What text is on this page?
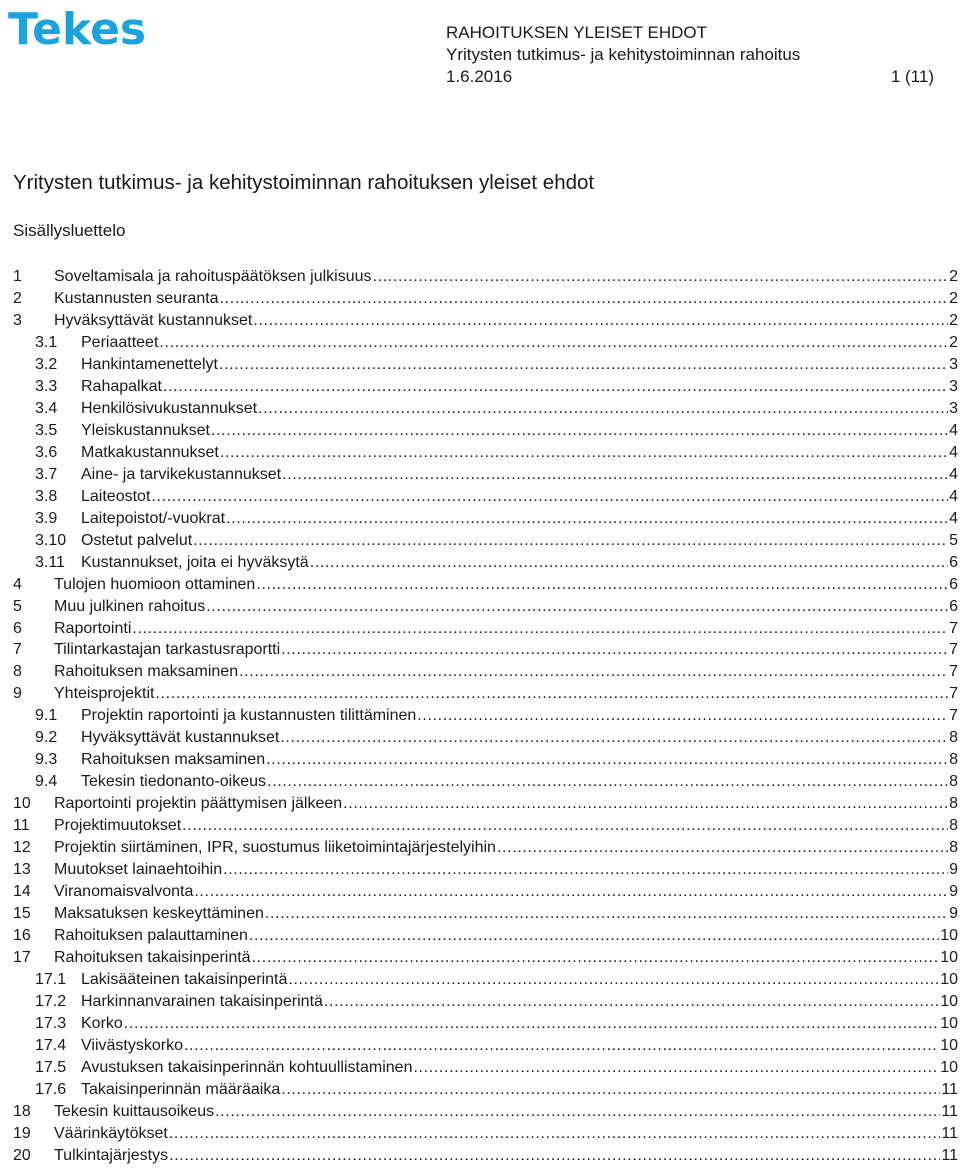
Tekes	RAHOITUKSEN YLEISET EHDOT
Yritysten tutkimus- ja kehitystoiminnan rahoitus
1.6.2016	1 (11)
Yritysten tutkimus- ja kehitystoiminnan rahoituksen yleiset ehdot
Sisällysluettelo
1	Soveltamisala ja rahoituspäätöksen julkisuus . . .	2
2	Kustannusten seuranta . . .	2
3	Hyväksyttävät kustannukset . . .	2
3.1	Periaatteet . . .	2
3.2	Hankintamenettelyt . . .	3
3.3	Rahapalkat . . .	3
3.4	Henkilösivukustannukset . . .	3
3.5	Yleiskustannukset . . .	4
3.6	Matkakustannukset . . .	4
3.7	Aine- ja tarvikekustannukset . . .	4
3.8	Laiteostot . . .	4
3.9	Laitepoistot/-vuokrat . . .	4
3.10 Ostetut palvelut . . .	5
3.11	Kustannukset, joita ei hyväksytä . . .	6
4	Tulojen huomioon ottaminen . . .	6
5	Muu julkinen rahoitus . . .	6
6	Raportointi . . .	7
7	Tilintarkastajan tarkastusraportti . . .	7
8	Rahoituksen maksaminen . . .	7
9	Yhteisprojektit . . .	7
9.1	Projektin raportointi ja kustannusten tilittäminen . . .	7
9.2	Hyväksyttävät kustannukset . . .	8
9.3	Rahoituksen maksaminen . . .	8
9.4	Tekesin tiedonanto-oikeus . . .	8
10	Raportointi projektin päättymisen jälkeen . . .	8
11	Projektimuutokset . . .	8
12	Projektin siirtäminen, IPR, suostumus liiketoimintajärjestelyihin . . .	8
13	Muutokset lainaehtoihin . . .	9
14	Viranomaisvalvonta . . .	9
15	Maksatuksen keskeyttäminen . . .	9
16	Rahoituksen palauttaminen . . .	10
17	Rahoituksen takaisinperintä . . .	10
17.1 Lakisääteinen takaisinperintä . . .	10
17.2 Harkinnanvarainen takaisinperintä . . .	10
17.3 Korko . . .	10
17.4 Viivästyskorko . . .	10
17.5 Avustuksen takaisinperinnän kohtuullistaminen . . .	10
17.6 Takaisinperinnän määräaika . . .	11
18	Tekesin kuittausoikeus . . .	11
19	Väärinkäytökset . . .	11
20	Tulkintajärjestys . . .	11
